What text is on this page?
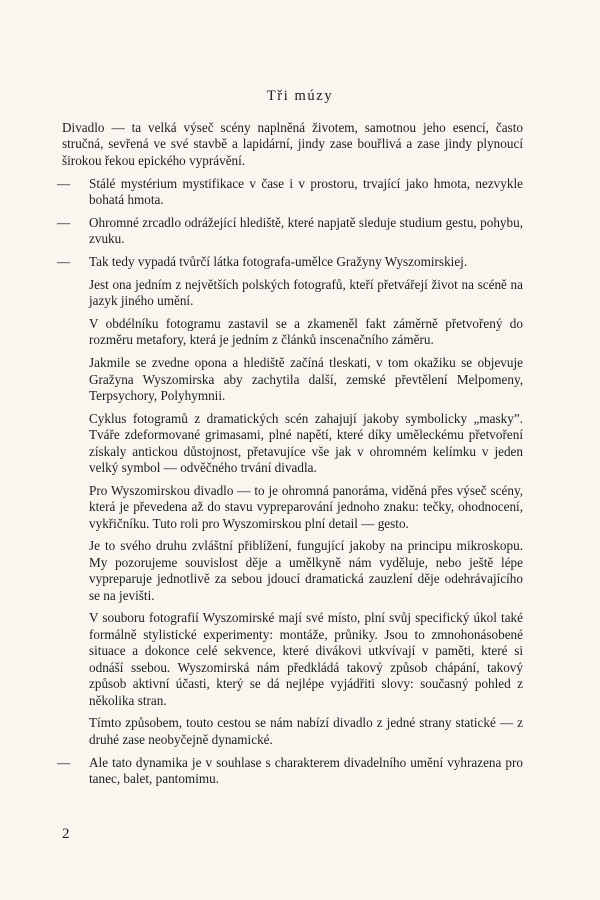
Tři múzy

Divadlo — ta velká výseč scény naplněná životem, samotnou jeho esencí, často stručná, sevřená ve své stavbě a lapidární, jindy zase bouřlivá a zase jindy plynoucí širokou řekou epického vyprávění.

— Stálé mystérium mystifikace v čase i v prostoru, trvající jako hmota, nezvykle bohatá hmota.

— Ohromné zrcadlo odrážející hlediště, které napjatě sleduje studium gestu, pohybu, zvuku.

— Tak tedy vypadá tvůrčí látka fotografa-umělce Gražyny Wyszomirskiej.

Jest ona jedním z největších polských fotografů, kteří přetvářejí život na scéně na jazyk jiného umění.

V obdélníku fotogramu zastavil se a zkameněl fakt záměrně přetvořený do rozměru metafory, která je jedním z článků inscenačního záměru.

Jakmile se zvedne opona a hlediště začíná tleskati, v tom okažiku se objevuje Gražyna Wyszomirska aby zachytila další, zemské převtělení Melpomeny, Terpsychory, Polyhymnii.

Cyklus fotogramů z dramatických scén zahajují jakoby symbolicky „masky”. Tváře zdeformované grimasami, plné napětí, které díky uměleckému přetvoření získaly antickou důstojnost, přetavujíce vše jak v ohromném kelímku v jeden velký symbol — odvěčného trvání divadla.

Pro Wyszomirskou divadlo — to je ohromná panoráma, viděná přes výseč scény, která je převedena až do stavu vypreparování jednoho znaku: tečky, ohodnocení, vykřičníku. Tuto roli pro Wyszomirskou plní detail — gesto.

Je to svého druhu zvláštní přiblížení, fungující jakoby na principu mikroskopu. My pozorujeme souvislost děje a umělkyně nám vyděluje, nebo ještě lépe vypreparuje jednotlivě za sebou jdoucí dramatická zauzlení děje odehrávajícího se na jevišti.

V souboru fotografií Wyszomirské mají své místo, plní svůj specifický úkol také formálně stylistické experimenty: montáže, průniky. Jsou to zmnohonásobené situace a dokonce celé sekvence, které divákovi utkvívají v paměti, které si odnáší ssebou. Wyszomirská nám předkládá takový způsob chápání, takový způsob aktivní účasti, který se dá nejlépe vyjádřiti slovy: současný pohled z několika stran.

Tímto způsobem, touto cestou se nám nabízí divadlo z jedné strany statické — z druhé zase neobyčejně dynamické.

— Ale tato dynamika je v souhlase s charakterem divadelního umění vyhrazena pro tanec, balet, pantomimu.

2
